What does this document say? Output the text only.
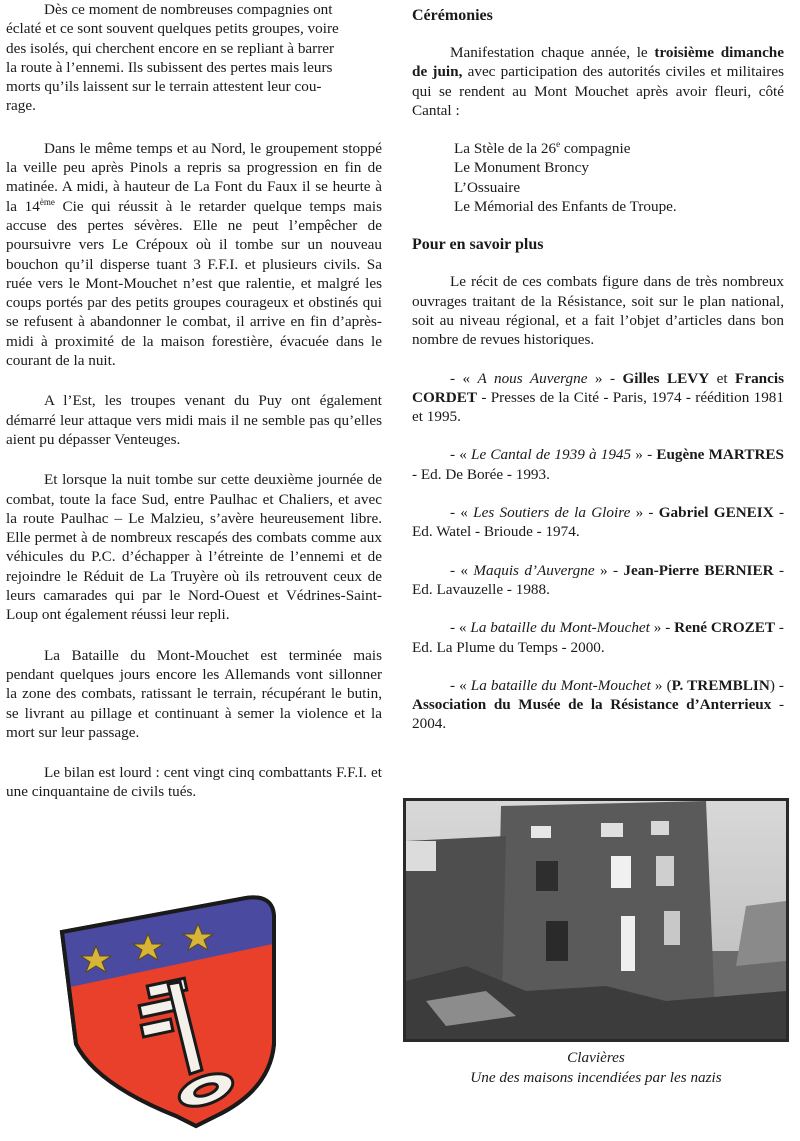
Dès ce moment de nombreuses compagnies ont
éclaté et ce sont souvent quelques petits groupes, voire
des isolés, qui cherchent encore en se repliant à barrer
la route à l’ennemi. Ils subissent des pertes mais leurs
morts qu’ils laissent sur le terrain attestent leur cou-
rage.

Dans le même temps et au Nord, le groupement stoppé la veille peu après Pinols a repris sa progression en fin de matinée. A midi, à hauteur de La Font du Faux il se heurte à la 14ème Cie qui réussit à le retarder quelque temps mais accuse des pertes sévères. Elle ne peut l’empêcher de poursuivre vers Le Crépoux où il tombe sur un nouveau bouchon qu’il disperse tuant 3 F.F.I. et plusieurs civils. Sa ruée vers le Mont-Mouchet n’est que ralentie, et malgré les coups portés par des petits groupes courageux et obstinés qui se refusent à abandonner le combat, il arrive en fin d’après-midi à proximité de la maison forestière, évacuée dans le courant de la nuit.

A l’Est, les troupes venant du Puy ont également démarré leur attaque vers midi mais il ne semble pas qu’elles aient pu dépasser Venteuges.

Et lorsque la nuit tombe sur cette deuxième journée de combat, toute la face Sud, entre Paulhac et Chaliers, et avec la route Paulhac – Le Malzieu, s’avère heureusement libre. Elle permet à de nombreux rescapés des combats comme aux véhicules du P.C. d’échapper à l’étreinte de l’ennemi et de rejoindre le Réduit de La Truyère où ils retrouvent ceux de leurs camarades qui par le Nord-Ouest et Védrines-Saint-Loup ont également réussi leur repli.

La Bataille du Mont-Mouchet est terminée mais pendant quelques jours encore les Allemands vont sillonner la zone des combats, ratissant le terrain, récupérant le butin, se livrant au pillage et continuant à semer la violence et la mort sur leur passage.

Le bilan est lourd : cent vingt cinq combattants F.F.I. et une cinquantaine de civils tués.

Cérémonies

Manifestation chaque année, le troisième dimanche de juin, avec participation des autorités civiles et militaires qui se rendent au Mont Mouchet après avoir fleuri, côté Cantal :

La Stèle de la 26e compagnie
Le Monument Broncy
L’Ossuaire
Le Mémorial des Enfants de Troupe.
Pour en savoir plus

Le récit de ces combats figure dans de très nombreux ouvrages traitant de la Résistance, soit sur le plan national, soit au niveau régional, et a fait l’objet d’articles dans bon nombre de revues historiques.

- « A nous Auvergne » - Gilles LEVY et Francis CORDET - Presses de la Cité - Paris, 1974 - réédition 1981 et 1995.

- « Le Cantal de 1939 à 1945 » - Eugène MARTRES - Ed. De Borée - 1993.

- « Les Soutiers de la Gloire » - Gabriel GENEIX - Ed. Watel - Brioude - 1974.

- « Maquis d’Auvergne » - Jean-Pierre BERNIER - Ed. Lavauzelle - 1988.

- « La bataille du Mont-Mouchet » - René CROZET - Ed. La Plume du Temps - 2000.

- « La bataille du Mont-Mouchet » (P. TREMBLIN) - Association du Musée de la Résistance d’Anterrieux - 2004.

Clavières
Une des maisons incendiées par les nazis
